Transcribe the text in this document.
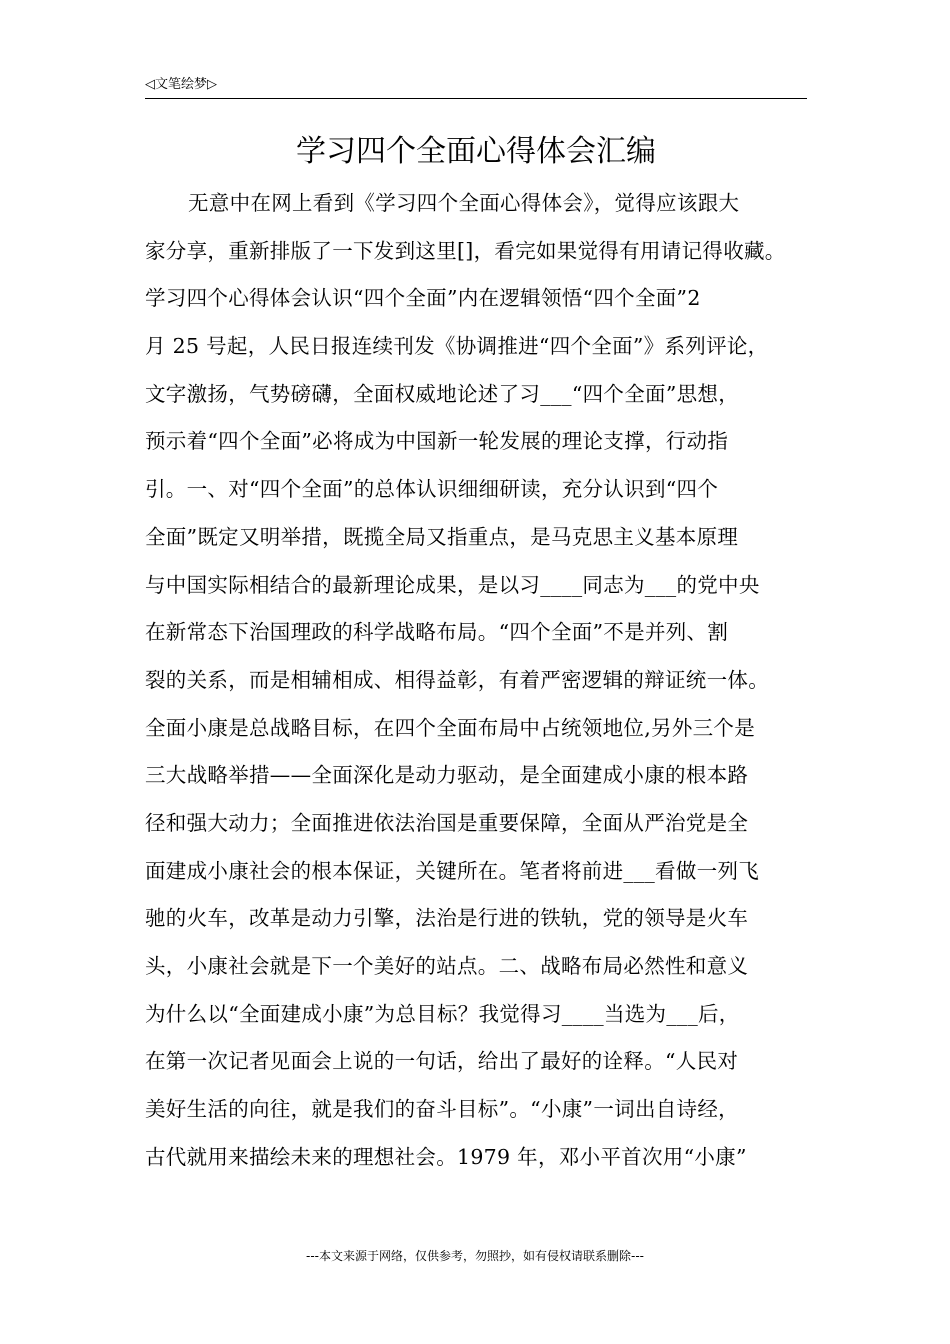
◁文笔绘梦▷
学习四个全面心得体会汇编
无意中在网上看到《学习四个全面心得体会》，觉得应该跟大
家分享，重新排版了一下发到这里[]，看完如果觉得有用请记得收藏。
学习四个心得体会认识“四个全面”内在逻辑领悟“四个全面”2
月 25 号起，人民日报连续刊发《协调推进“四个全面”》系列评论，
文字激扬，气势磅礴，全面权威地论述了习___“四个全面”思想，
预示着“四个全面”必将成为中国新一轮发展的理论支撑，行动指
引。一、对“四个全面”的总体认识细细研读，充分认识到“四个
全面”既定又明举措，既揽全局又指重点，是马克思主义基本原理
与中国实际相结合的最新理论成果，是以习____同志为___的党中央
在新常态下治国理政的科学战略布局。“四个全面”不是并列、割
裂的关系，而是相辅相成、相得益彰，有着严密逻辑的辩证统一体。
全面小康是总战略目标，在四个全面布局中占统领地位,另外三个是
三大战略举措——全面深化是动力驱动，是全面建成小康的根本路
径和强大动力；全面推进依法治国是重要保障，全面从严治党是全
面建成小康社会的根本保证，关键所在。笔者将前进___看做一列飞
驰的火车，改革是动力引擎，法治是行进的铁轨，党的领导是火车
头，小康社会就是下一个美好的站点。二、战略布局必然性和意义
为什么以“全面建成小康”为总目标？我觉得习____当选为___后，
在第一次记者见面会上说的一句话，给出了最好的诠释。“人民对
美好生活的向往，就是我们的奋斗目标”。“小康”一词出自诗经，
古代就用来描绘未来的理想社会。1979 年，邓小平首次用“小康”
---本文来源于网络，仅供参考，勿照抄，如有侵权请联系删除---
